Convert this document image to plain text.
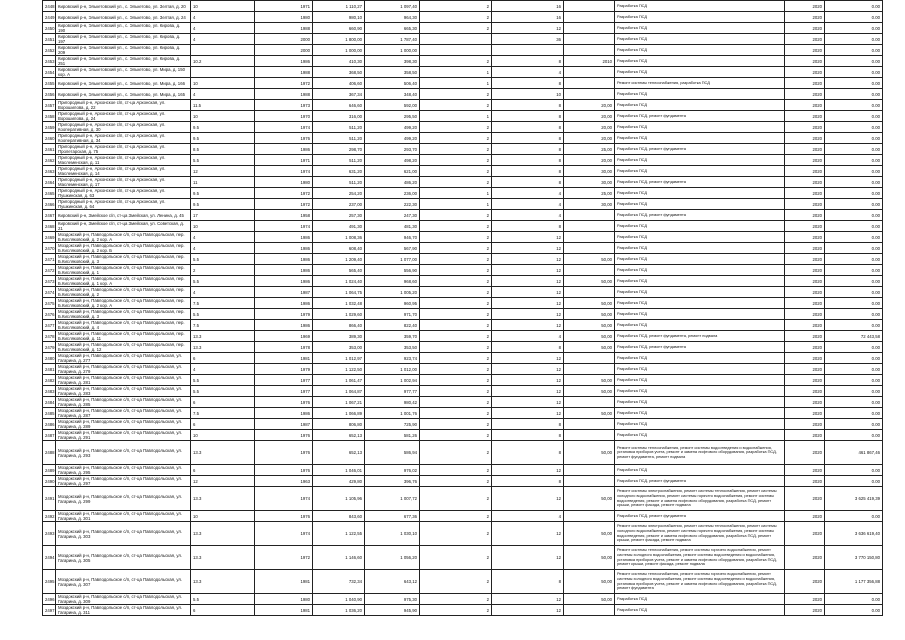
2448	Кировский р-н, Элькетовский ул., с. Элькетово, ул. Зелтая, д. 20	10	1971	1 110,27	1 097,40	2	16		Разработка ПСД	2020	0.00
2449	Кировский р-н, Элькетовский ул., с. Элькетово, ул. Зелтая, д. 24	4	1980	980,10	964,30	2	16		Разработка ПСД	2020	0.00
2450	Кировский р-н, Элькетовский ул., с. Элькетово, ул. Кирова, д. 190	4	1988	660,90	665,30	2	12		Разработка ПСД	2020	0.00
2451	Кировский р-н, Элькетовский ул., с. Элькетово, ул. Кирова, д. 197	4	2000	1 800,00	1 787,40		36		Разработка ПСД	2020	0.00
2452	Кировский р-н, Элькетовский ул., с. Элькетово, ул. Кирова, д. 209		2000	1 000,00	1 000,00				Разработка ПСД	2020	0.00
2453	Кировский р-н, Элькетовский ул., с. Элькетово, ул. Кирова, д. 251	10.2	1986	410,30	398,30	2	8	2010	Разработка ПСД	2020	0.00
2454	Кировский р-н, Элькетовский ул., с. Элькетово, ул. Мира, д. 150 кор. А		1988	368,50	358,50	1	4		Разработка ПСД	2020	0.00
2455	Кировский р-н, Элькетовский ул., с. Элькетово, ул. Мира, д. 166	10	1972	406,60	506,40	1	8		Ремонт системы теплоснабжения, разработка ПСД	2020	0.00
2456	Кировский р-н, Элькетовский ул., с. Элькетово, ул. Мира, д. 165	4	1988	367,34	348,40	2	10		Разработка ПСД	2020	0.00
2457	Пригородный р-н, Архонское с/п, ст-ца Архонская, ул. Ворошилова, д. 22	11.5	1973	646,60	592,00	2	8	20,00	Разработка ПСД	2020	0.00
2458	Пригородный р-н, Архонское с/п, ст-ца Архонская, ул. Ворошилова, д. 24	10	1970	316,00	295,50	1	8	20,00	Разработка ПСД, ремонт фундамента	2020	0.00
2459	Пригородный р-н, Архонское с/п, ст-ца Архонская, ул. Кооперативная, д. 30	9.5	1974	511,20	499,20	2	8	20,00	Разработка ПСД	2020	0.00
2460	Пригородный р-н, Архонское с/п, ст-ца Архонская, ул. Кооперативная, д. 34	9.5	1976	511,20	499,20	2	8	20,00	Разработка ПСД	2020	0.00
2461	Пригородный р-н, Архонское с/п, ст-ца Архонская, ул. Пролетарская, д. 75	8.5	1986	298,70	293,70	2	8	25,00	Разработка ПСД, ремонт фундамента	2020	0.00
2462	Пригородный р-н, Архонское с/п, ст-ца Архонская, ул. Маслеменская, д. 11	5.5	1971	511,20	498,20	2	8	20,00	Разработка ПСД	2020	0.00
2463	Пригородный р-н, Архонское с/п, ст-ца Архонская, ул. Маслеменская, д. 14	12	1974	631,20	621,00	2	8	30,00	Разработка ПСД	2020	0.00
2464	Пригородный р-н, Архонское с/п, ст-ца Архонская, ул. Маслеменская, д. 17	11	1980	511,20	486,20	2	8	30,00	Разработка ПСД, ремонт фундамента	2020	0.00
2465	Пригородный р-н, Архонское с/п, ст-ца Архонская, ул. Пушкинская, д. 63	9.5	1972	254,20	236,00	1	4	25,00	Разработка ПСД	2020	0.00
2466	Пригородный р-н, Архонское с/п, ст-ца Архонская, ул. Пушкинская, д. 64	9.5	1972	237,00	222,30	1	4	30,00	Разработка ПСД	2020	0.00
2467	Кировский р-н, Змейское с/п, ст-ца Змейская, ул. Ленина, д. 45	17	1958	257,30	247,30	2	4		Разработка ПСД, ремонт фундамента	2020	0.00
2468	Кировский р-н, Змейское с/п, ст-ца Змейская, ул. Советская, д. 21	10	1974	491,30	481,30	2	8		Разработка ПСД	2020	0.00
2469	Моздокский р-н, Павлодольское с/п, ст-ца Павлодольская, пер. Б.Кисляковский, д. 2 кор. А	4	1986	1 008,36	946,70	2	12		Разработка ПСД	2020	0.00
2470	Моздокский р-н, Павлодольское с/п, ст-ца Павлодольская, пер. Б.Кисляковский, д. 2 кор. Б	4	1986	608,40	567,90	2	12		Разработка ПСД	2020	0.00
2471	Моздокский р-н, Павлодольское с/п, ст-ца Павлодольская, пер. Б.Кисляковский, д. 3	5.5	1986	1 209,40	1 077,00	2	12	50,00	Разработка ПСД	2020	0.00
2472	Моздокский р-н, Павлодольское с/п, ст-ца Павлодольская, пер. Б.Кисляковский, д. 1	2	1986	565,40	556,90	2	12		Разработка ПСД	2020	0.00
2473	Моздокский р-н, Павлодольское с/п, ст-ца Павлодольская, пер. Б.Кисляковский, д. 1 кор. А	5.5	1986	1 024,40	968,60	2	12	50,00	Разработка ПСД	2020	0.00
2474	Моздокский р-н, Павлодольское с/п, ст-ца Павлодольская, пер. Б.Кисляковский, д. 2	4	1987	1 064,75	1 005,20	2	12		Разработка ПСД	2020	0.00
2475	Моздокский р-н, Павлодольское с/п, ст-ца Павлодольская, пер. Б.Кисляковский, д. 2 кор. А	7.5	1986	1 032,48	960,95	2	12	50,00	Разработка ПСД	2020	0.00
2476	Моздокский р-н, Павлодольское с/п, ст-ца Павлодольская, пер. Б.Кисляковский, д. 3	5.5	1979	1 029,60	971,70	2	12	50,00	Разработка ПСД	2020	0.00
2477	Моздокский р-н, Павлодольское с/п, ст-ца Павлодольская, пер. Б.Кисляковский, д. 4	7.5	1986	866,40	822,40	2	12	50,00	Разработка ПСД	2020	0.00
2478	Моздокский р-н, Павлодольское с/п, ст-ца Павлодольская, пер. Б.Кисляковский, д. 11	13.3	1969	389,30	359,70	2	4	50,00	Разработка ПСД, ремонт фундамента, ремонт подвала	2020	72 443,58
2479	Моздокский р-н, Павлодольское с/п, ст-ца Павлодольская, пер. Б.Кисляковский, д. 12	13.3	1978	353,00	353,50	2	8	50,00	Разработка ПСД, ремонт фундамента	2020	0.00
2480	Моздокский р-н, Павлодольское с/п, ст-ца Павлодольская, ул. Гагарина, д. 277	6	1981	1 012,97	923,74	2	12		Разработка ПСД	2020	0.00
2481	Моздокский р-н, Павлодольское с/п, ст-ца Павлодольская, ул. Гагарина, д. 279	4	1979	1 122,50	1 012,00	2	12		Разработка ПСД	2020	0.00
2482	Моздокский р-н, Павлодольское с/п, ст-ца Павлодольская, ул. Гагарина, д. 281	5.5	1977	1 061,47	1 002,94	2	12	50,00	Разработка ПСД	2020	0.00
2483	Моздокский р-н, Павлодольское с/п, ст-ца Павлодольская, ул. Гагарина, д. 283	5.5	1977	1 064,87	977,77	2	12	50,00	Разработка ПСД	2020	0.00
2484	Моздокский р-н, Павлодольское с/п, ст-ца Павлодольская, ул. Гагарина, д. 285	6	1976	1 067,21	980,42	2	12		Разработка ПСД	2020	0.00
2485	Моздокский р-н, Павлодольское с/п, ст-ца Павлодольская, ул. Гагарина, д. 287	7.5	1986	1 066,89	1 001,76	2	12	50,00	Разработка ПСД	2020	0.00
2486	Моздокский р-н, Павлодольское с/п, ст-ца Павлодольская, ул. Гагарина, д. 289	6	1987	806,80	725,90	2	8		Разработка ПСД	2020	0.00
2487	Моздокский р-н, Павлодольское с/п, ст-ца Павлодольская, ул. Гагарина, д. 291	10	1976	652,13	581,26	2	8		Разработка ПСД	2020	0.00
2488	Моздокский р-н, Павлодольское с/п, ст-ца Павлодольская, ул. Гагарина, д. 293	13.3	1976	652,13	586,94	2	8	50,00	Ремонт системы теплоснабжения, ремонт системы водоотведения и водоснабжения, установка приборов учета, ремонт и замена лифтового оборудования, разработка ПСД, ремонт фундамента, ремонт подвала	2020	461 867,46
2489	Моздокский р-н, Павлодольское с/п, ст-ца Павлодольская, ул. Гагарина, д. 295	6	1976	1 046,01	976,02	2	12		Разработка ПСД	2020	0.00
2490	Моздокский р-н, Павлодольское с/п, ст-ца Павлодольская, ул. Гагарина, д. 297	12	1963	429,80	396,76	2	8		Разработка ПСД, ремонт фундамента	2020	0.00
2491	Моздокский р-н, Павлодольское с/п, ст-ца Павлодольская, ул. Гагарина, д. 299	13.3	1974	1 105,96	1 007,72	2	12	50,00	Ремонт системы электроснабжения, ремонт системы теплоснабжения, ремонт системы холодного водоснабжения, ремонт системы горячего водоснабжения, ремонт системы водоотведения, ремонт и замена лифтового оборудования, разработка ПСД, ремонт крыши, ремонт фасада, ремонт подвала	2020	3 625 419,39
2492	Моздокский р-н, Павлодольское с/п, ст-ца Павлодольская, ул. Гагарина, д. 301	10	1976	843,60	677,36	2	4		Разработка ПСД, ремонт фундамента	2020	0.00
2493	Моздокский р-н, Павлодольское с/п, ст-ца Павлодольская, ул. Гагарина, д. 303	13.3	1974	1 122,55	1 030,10	2	12	50,00	Ремонт системы электроснабжения, ремонт системы теплоснабжения, ремонт системы холодного водоснабжения, ремонт системы горячего водоснабжения, ремонт системы водоотведения, ремонт и замена лифтового оборудования, разработка ПСД, ремонт крыши, ремонт фасада, ремонт подвала	2020	3 636 619,40
2494	Моздокский р-н, Павлодольское с/п, ст-ца Павлодольская, ул. Гагарина, д. 305	13.3	1972	1 146,60	1 056,20	2	12	50,00	Ремонт системы теплоснабжения, ремонт системы горячего водоснабжения, ремонт системы холодного водоснабжения, ремонт системы водоотведения и водоснабжения, установка приборов учета, ремонт и замена лифтового оборудования, разработка ПСД, ремонт крыши, ремонт фасада, ремонт подвала	2020	3 770 150,80
2495	Моздокский р-н, Павлодольское с/п, ст-ца Павлодольская, ул. Гагарина, д. 307	13.3	1981	732,34	643,12	2	8	50,00	Ремонт системы теплоснабжения, ремонт системы горячего водоснабжения, ремонт системы холодного водоснабжения, ремонт системы водоотведения и водоснабжения, установка приборов учета, ремонт и замена лифтового оборудования, разработка ПСД, ремонт фундамента	2020	1 177 356,88
2496	Моздокский р-н, Павлодольское с/п, ст-ца Павлодольская, ул. Гагарина, д. 309	5.5	1980	1 040,90	975,30	2	12	50,00	Разработка ПСД	2020	0.00
2497	Моздокский р-н, Павлодольское с/п, ст-ца Павлодольская, ул. Гагарина, д. 311	6	1981	1 036,20	945,90	2	12		Разработка ПСД	2020	0.00
